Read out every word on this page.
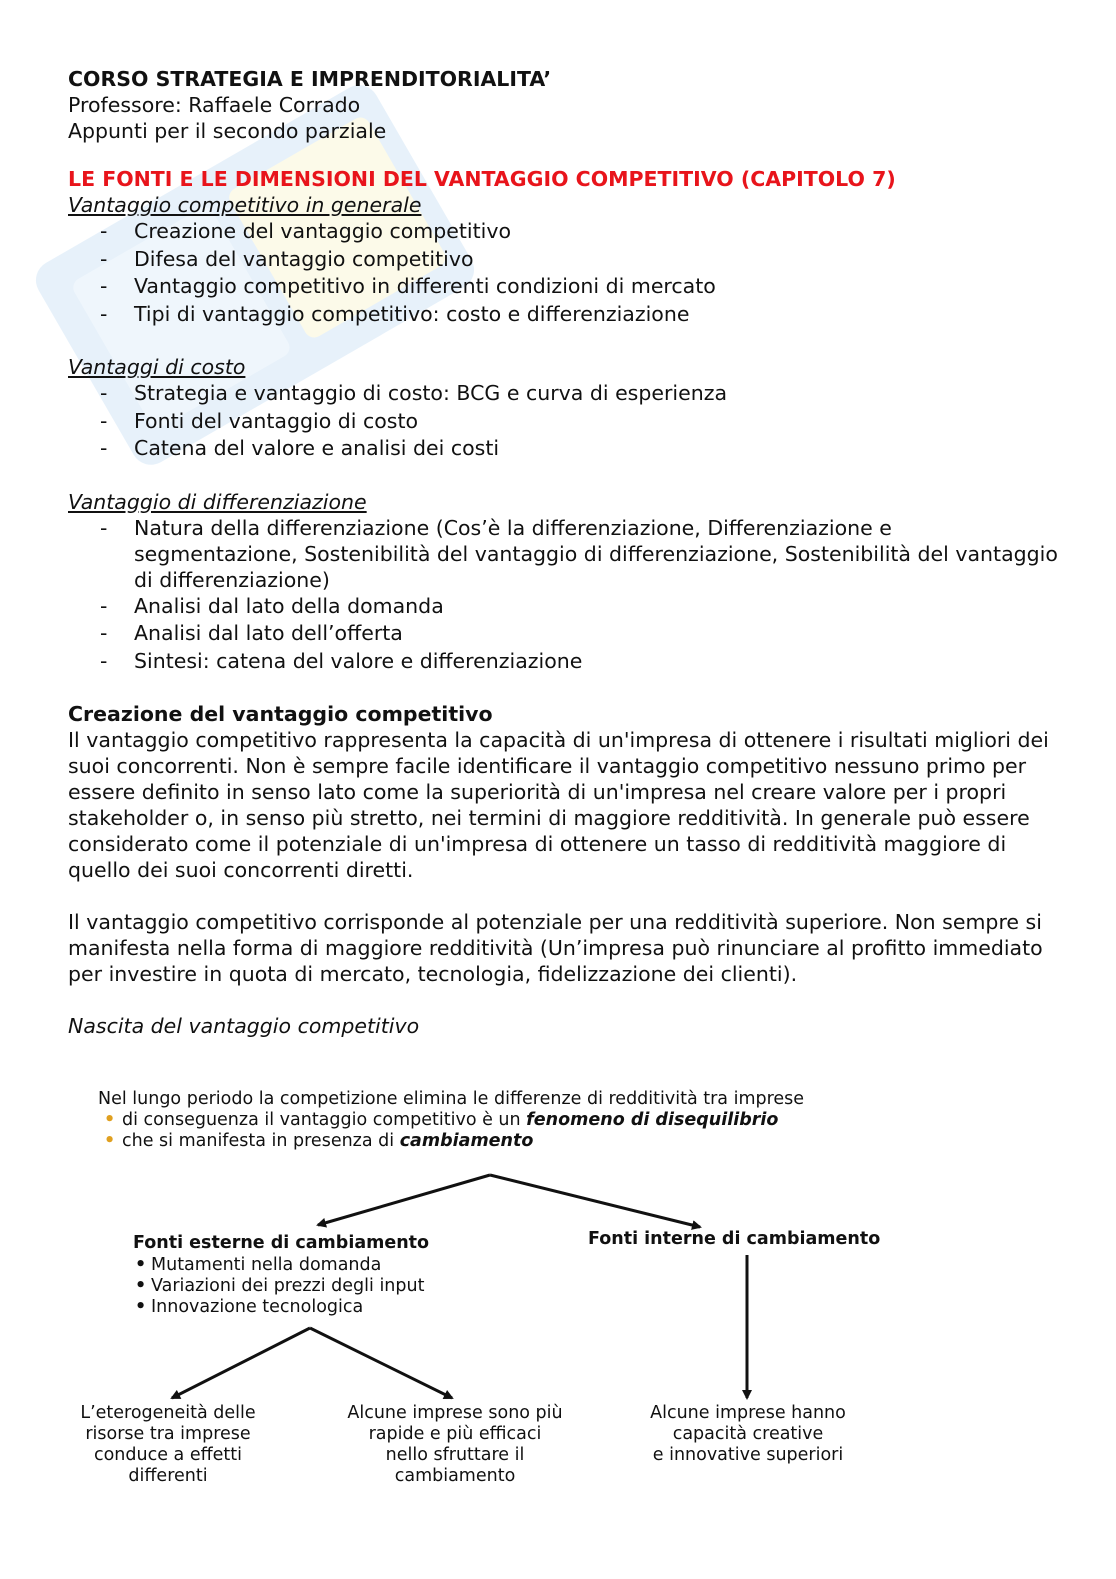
CORSO STRATEGIA E IMPRENDITORIALITA’

Professore: Raffaele Corrado

Appunti per il secondo parziale

LE FONTI E LE DIMENSIONI DEL VANTAGGIO COMPETITIVO (CAPITOLO 7)

Vantaggio competitivo in generale

- Creazione del vantaggio competitivo
- Difesa del vantaggio competitivo
- Vantaggio competitivo in differenti condizioni di mercato
- Tipi di vantaggio competitivo: costo e differenziazione

Vantaggi di costo

- Strategia e vantaggio di costo: BCG e curva di esperienza
- Fonti del vantaggio di costo
- Catena del valore e analisi dei costi

Vantaggio di differenziazione

- Natura della differenziazione (Cos’è la differenziazione, Differenziazione e segmentazione, Sostenibilità del vantaggio di differenziazione, Sostenibilità del vantaggio di differenziazione)
- Analisi dal lato della domanda
- Analisi dal lato dell’offerta
- Sintesi: catena del valore e differenziazione

Creazione del vantaggio competitivo

Il vantaggio competitivo rappresenta la capacità di un'impresa di ottenere i risultati migliori dei suoi concorrenti. Non è sempre facile identificare il vantaggio competitivo nessuno primo per essere definito in senso lato come la superiorità di un'impresa nel creare valore per i propri stakeholder o, in senso più stretto, nei termini di maggiore redditività. In generale può essere considerato come il potenziale di un'impresa di ottenere un tasso di redditività maggiore di quello dei suoi concorrenti diretti.

Il vantaggio competitivo corrisponde al potenziale per una redditività superiore. Non sempre si manifesta nella forma di maggiore redditività (Un’impresa può rinunciare al profitto immediato per investire in quota di mercato, tecnologia, fidelizzazione dei clienti).

Nascita del vantaggio competitivo

Nel lungo periodo la competizione elimina le differenze di redditività tra imprese
• di conseguenza il vantaggio competitivo è un fenomeno di disequilibrio
• che si manifesta in presenza di cambiamento
Fonti esterne di cambiamento
• Mutamenti nella domanda
• Variazioni dei prezzi degli input
• Innovazione tecnologica
Fonti interne di cambiamento
L’eterogeneità delle
risorse tra imprese
conduce a effetti
differenti
Alcune imprese sono più
rapide e più efficaci
nello sfruttare il
cambiamento
Alcune imprese hanno
capacità creative
e innovative superiori
